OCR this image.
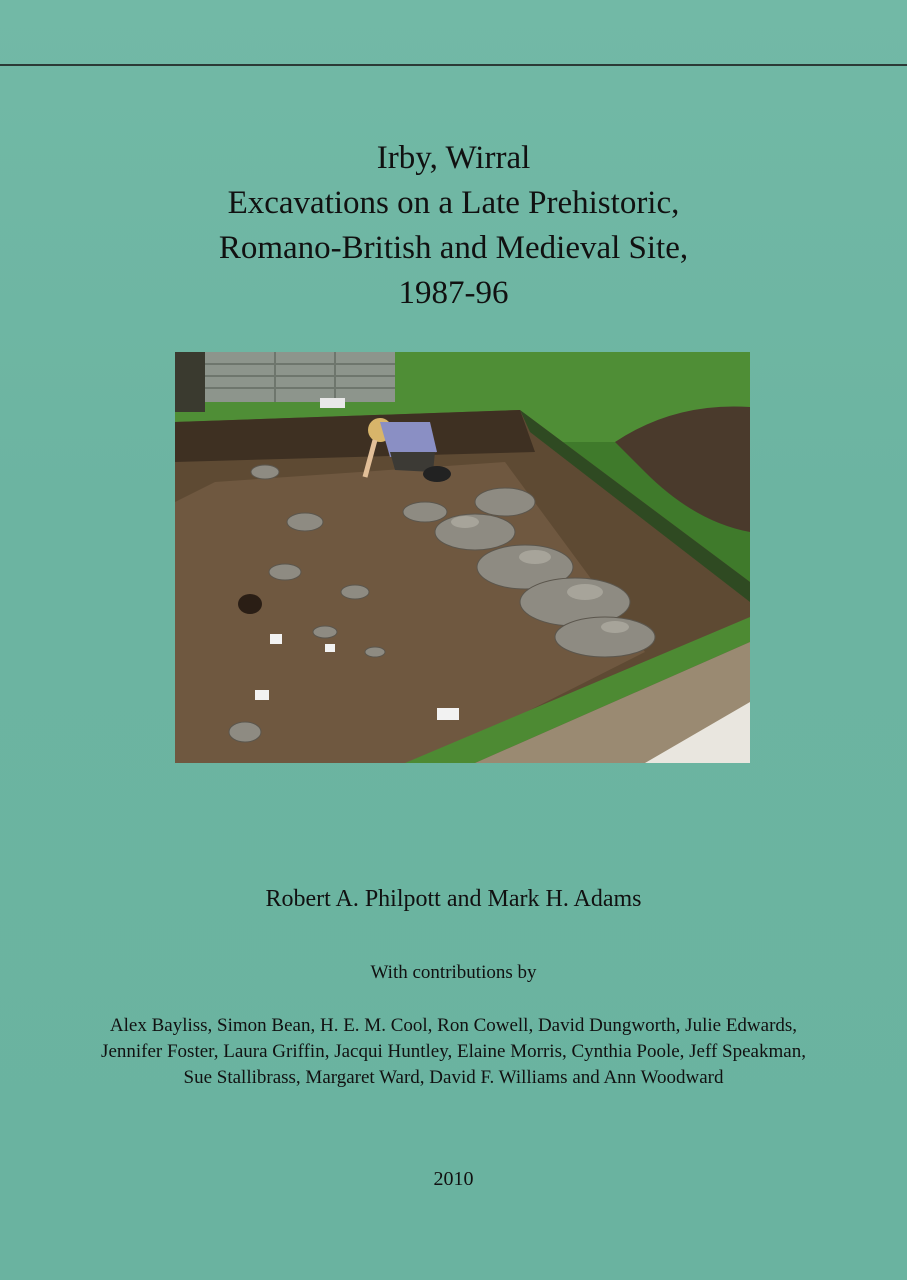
Irby, Wirral
Excavations on a Late Prehistoric,
Romano-British and Medieval Site,
1987-96
Robert A. Philpott and Mark H. Adams
With contributions by
Alex Bayliss, Simon Bean, H. E. M. Cool, Ron Cowell, David Dungworth, Julie Edwards,
Jennifer Foster, Laura Griffin, Jacqui Huntley, Elaine Morris, Cynthia Poole, Jeff Speakman,
Sue Stallibrass, Margaret Ward, David F. Williams and Ann Woodward
2010
